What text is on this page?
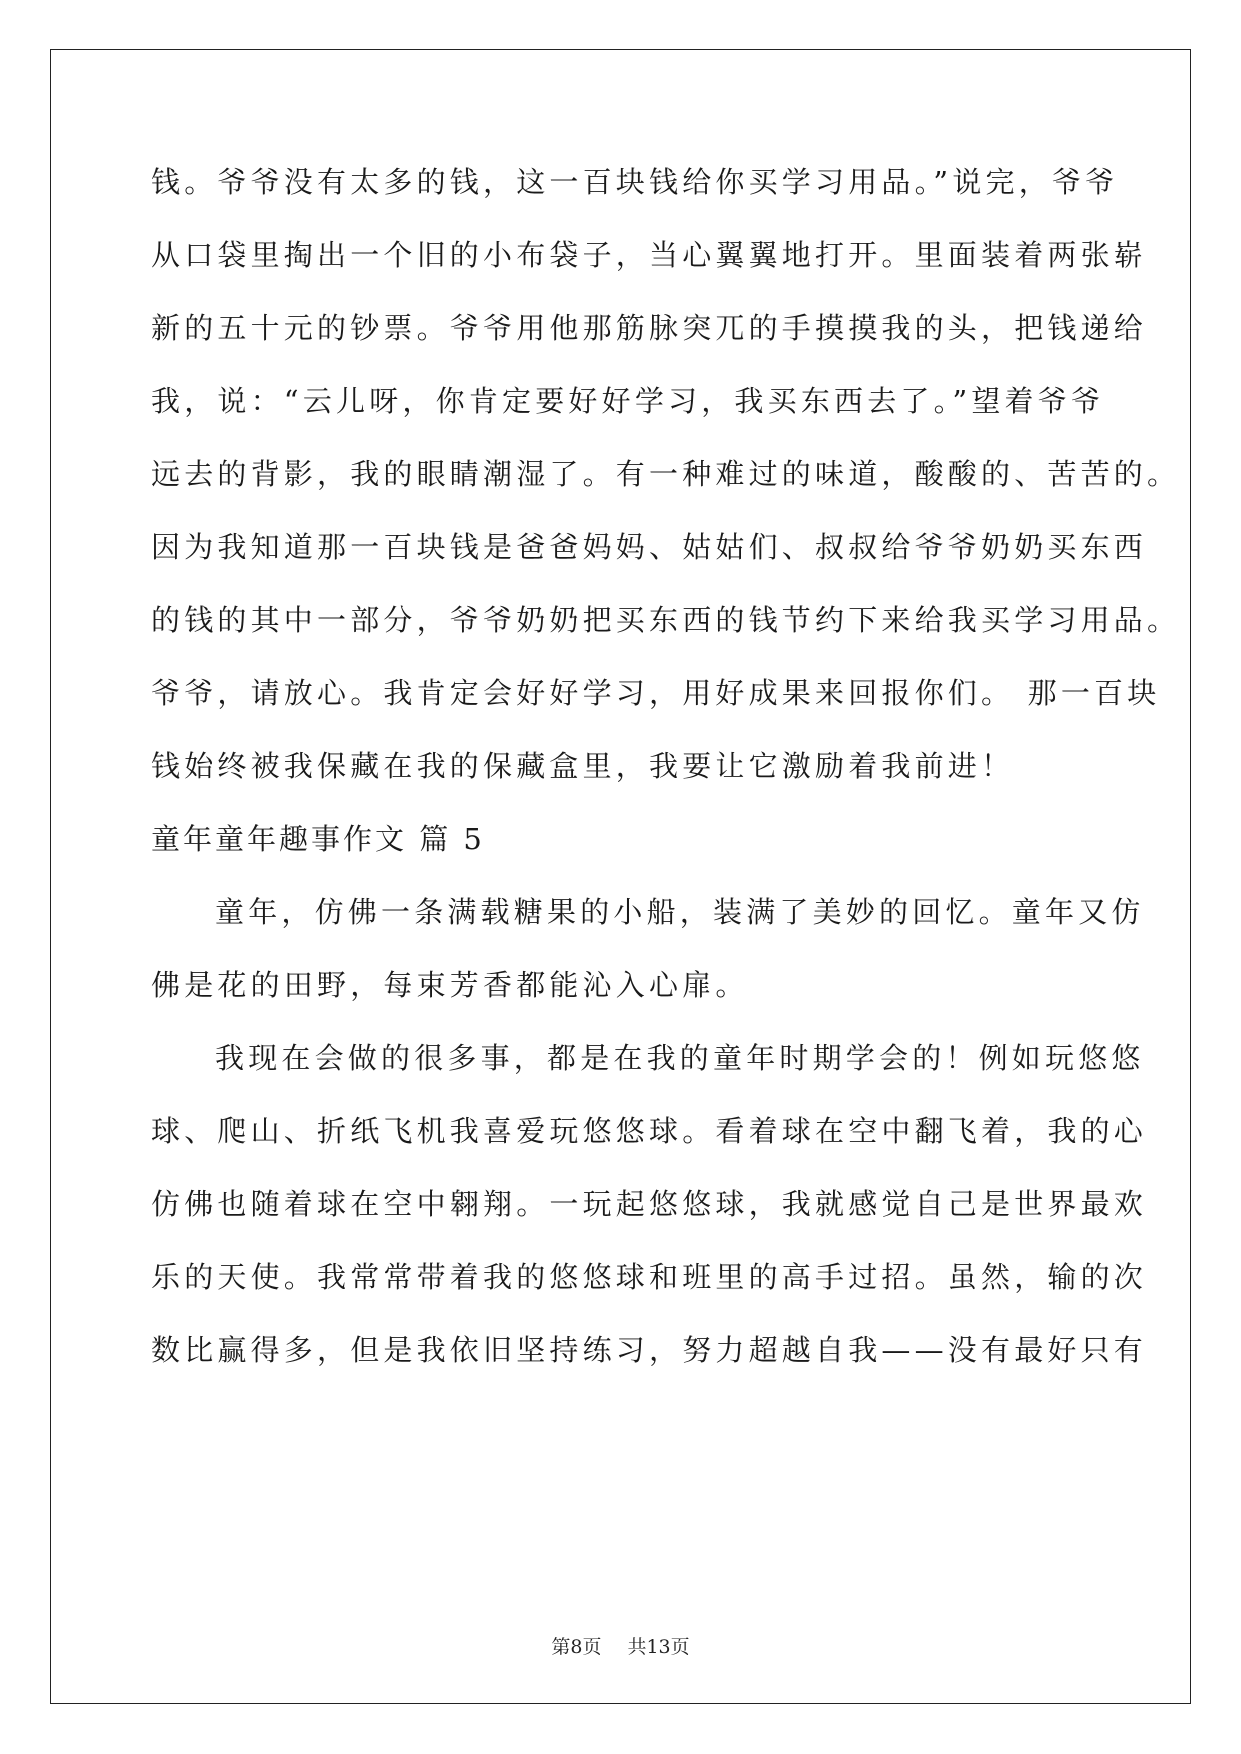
钱。爷爷没有太多的钱，这一百块钱给你买学习用品。”说完，爷爷
从口袋里掏出一个旧的小布袋子，当心翼翼地打开。里面装着两张崭
新的五十元的钞票。爷爷用他那筋脉突兀的手摸摸我的头，把钱递给
我，说：“云儿呀，你肯定要好好学习，我买东西去了。”望着爷爷
远去的背影，我的眼睛潮湿了。有一种难过的味道，酸酸的、苦苦的。
因为我知道那一百块钱是爸爸妈妈、姑姑们、叔叔给爷爷奶奶买东西
的钱的其中一部分，爷爷奶奶把买东西的钱节约下来给我买学习用品。
爷爷，请放心。我肯定会好好学习，用好成果来回报你们。 那一百块
钱始终被我保藏在我的保藏盒里，我要让它激励着我前进！
童年童年趣事作文 篇 5
童年，仿佛一条满载糖果的小船，装满了美妙的回忆。童年又仿
佛是花的田野，每束芳香都能沁入心扉。
我现在会做的很多事，都是在我的童年时期学会的！例如玩悠悠
球、爬山、折纸飞机我喜爱玩悠悠球。看着球在空中翻飞着，我的心
仿佛也随着球在空中翱翔。一玩起悠悠球，我就感觉自己是世界最欢
乐的天使。我常常带着我的悠悠球和班里的高手过招。虽然，输的次
数比赢得多，但是我依旧坚持练习，努力超越自我——没有最好只有
第8页 共13页
